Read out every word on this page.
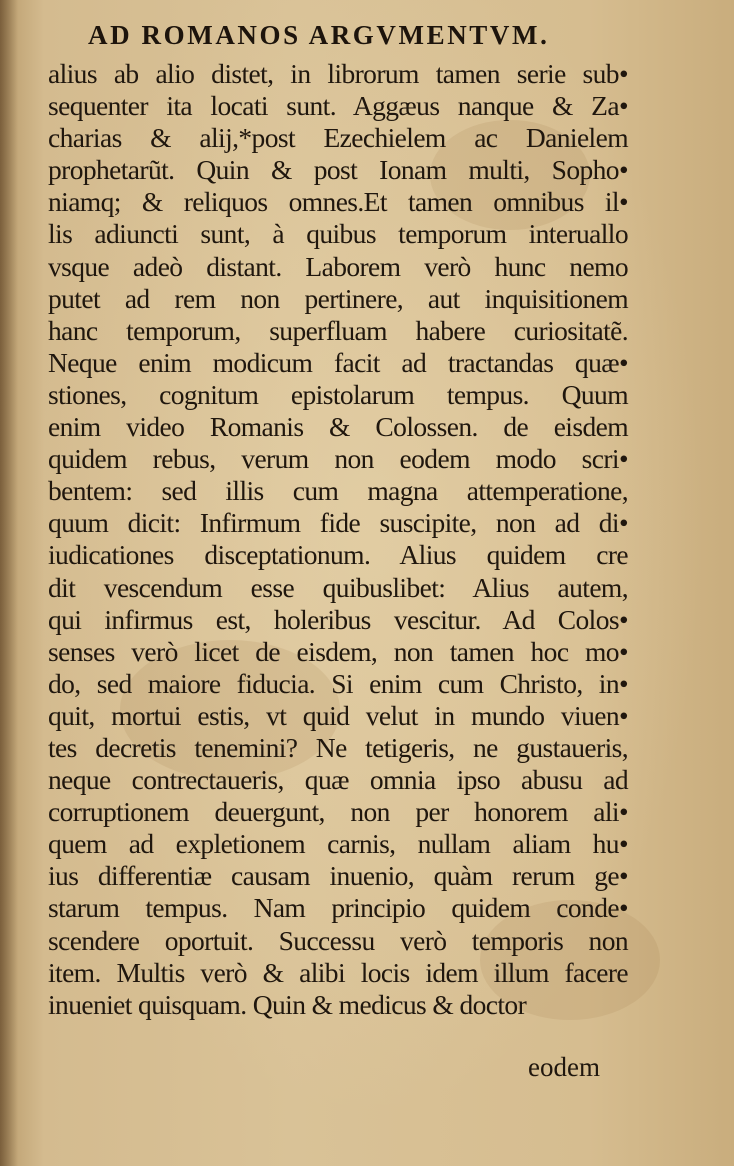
AD ROMANOS ARGVMENTVM.
alius ab alio distet, in librorum tamen serie sub•
sequenter ita locati sunt. Aggæus nanque & Za•
charias & alij,*post Ezechielem ac Danielem
prophetarũt. Quin & post Ionam multi, Sopho•
niamq; & reliquos omnes.Et tamen omnibus il•
lis adiuncti sunt, à quibus temporum interuallo
vsque adeò distant. Laborem verò hunc nemo
putet ad rem non pertinere, aut inquisitionem
hanc temporum, superfluam habere curiositatẽ.
Neque enim modicum facit ad tractandas quæ•
stiones, cognitum epistolarum tempus. Quum
enim video Romanis & Colossen. de eisdem
quidem rebus, verum non eodem modo scri•
bentem: sed illis cum magna attemperatione,
quum dicit: Infirmum fide suscipite, non ad di•
iudicationes disceptationum. Alius quidem cre
dit vescendum esse quibuslibet: Alius autem,
qui infirmus est, holeribus vescitur. Ad Colos•
senses verò licet de eisdem, non tamen hoc mo•
do, sed maiore fiducia. Si enim cum Christo, in•
quit, mortui estis, vt quid velut in mundo viuen•
tes decretis tenemini? Ne tetigeris, ne gustaueris,
neque contrectaueris, quæ omnia ipso abusu ad
corruptionem deuergunt, non per honorem ali•
quem ad expletionem carnis, nullam aliam hu•
ius differentiæ causam inuenio, quàm rerum ge•
starum tempus. Nam principio quidem conde•
scendere oportuit. Successu verò temporis non
item. Multis verò & alibi locis idem illum facere
inueniet quisquam. Quin & medicus & doctor
eodem
